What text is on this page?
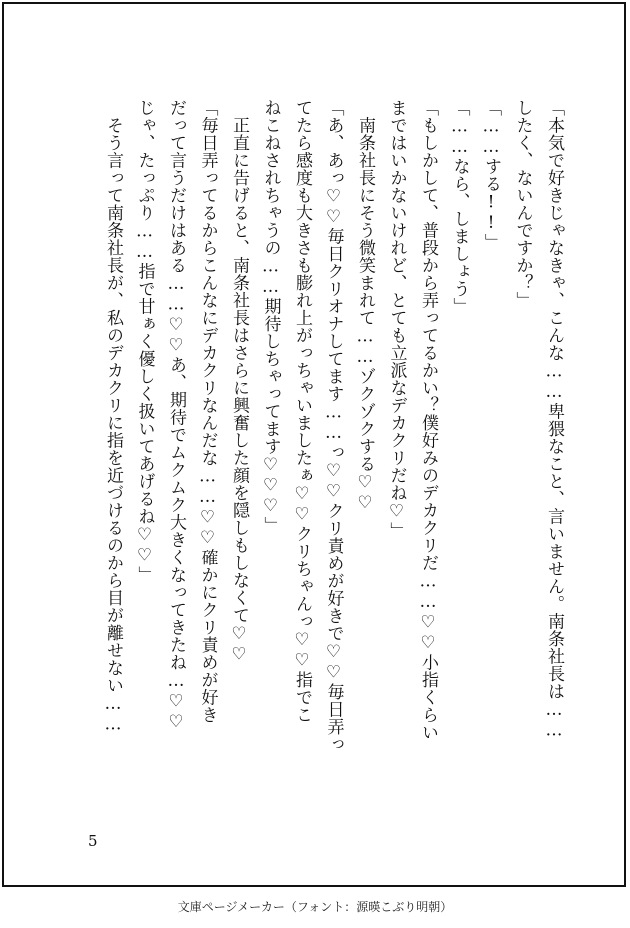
「本気で好きじゃなきゃ、こんな……卑猥なこと、言いません。南条社長は……
したく、ないんですか？」
「……する!!」
「……なら、しましょう」
「もしかして、普段から弄ってるかい？僕好みのデカクリだ……♡♡小指くらい
まではいかないけれど、とても立派なデカクリだね♡」
　南条社長にそう微笑まれて……ゾクゾクする♡♡
「あ、あっ♡♡毎日クリオナしてます……っ♡♡クリ責めが好きで♡♡毎日弄っ
てたら感度も大きさも膨れ上がっちゃいましたぁ♡♡クリちゃんっ♡♡指でこ
ねこねされちゃうの……期待しちゃってます♡♡♡」
　正直に告げると、南条社長はさらに興奮した顔を隠しもしなくて♡♡
「毎日弄ってるからこんなにデカクリなんだな……♡♡確かにクリ責めが好き
だって言うだけはある……♡♡あ、期待でムクムク大きくなってきたね…♡♡
じゃ、たっぷり……指で甘ぁく優しく扱いてあげるね♡♡」
　そう言って南条社長が、私のデカクリに指を近づけるのから目が離せない……
5
文庫ページメーカー（フォント：源暎こぶり明朝）
